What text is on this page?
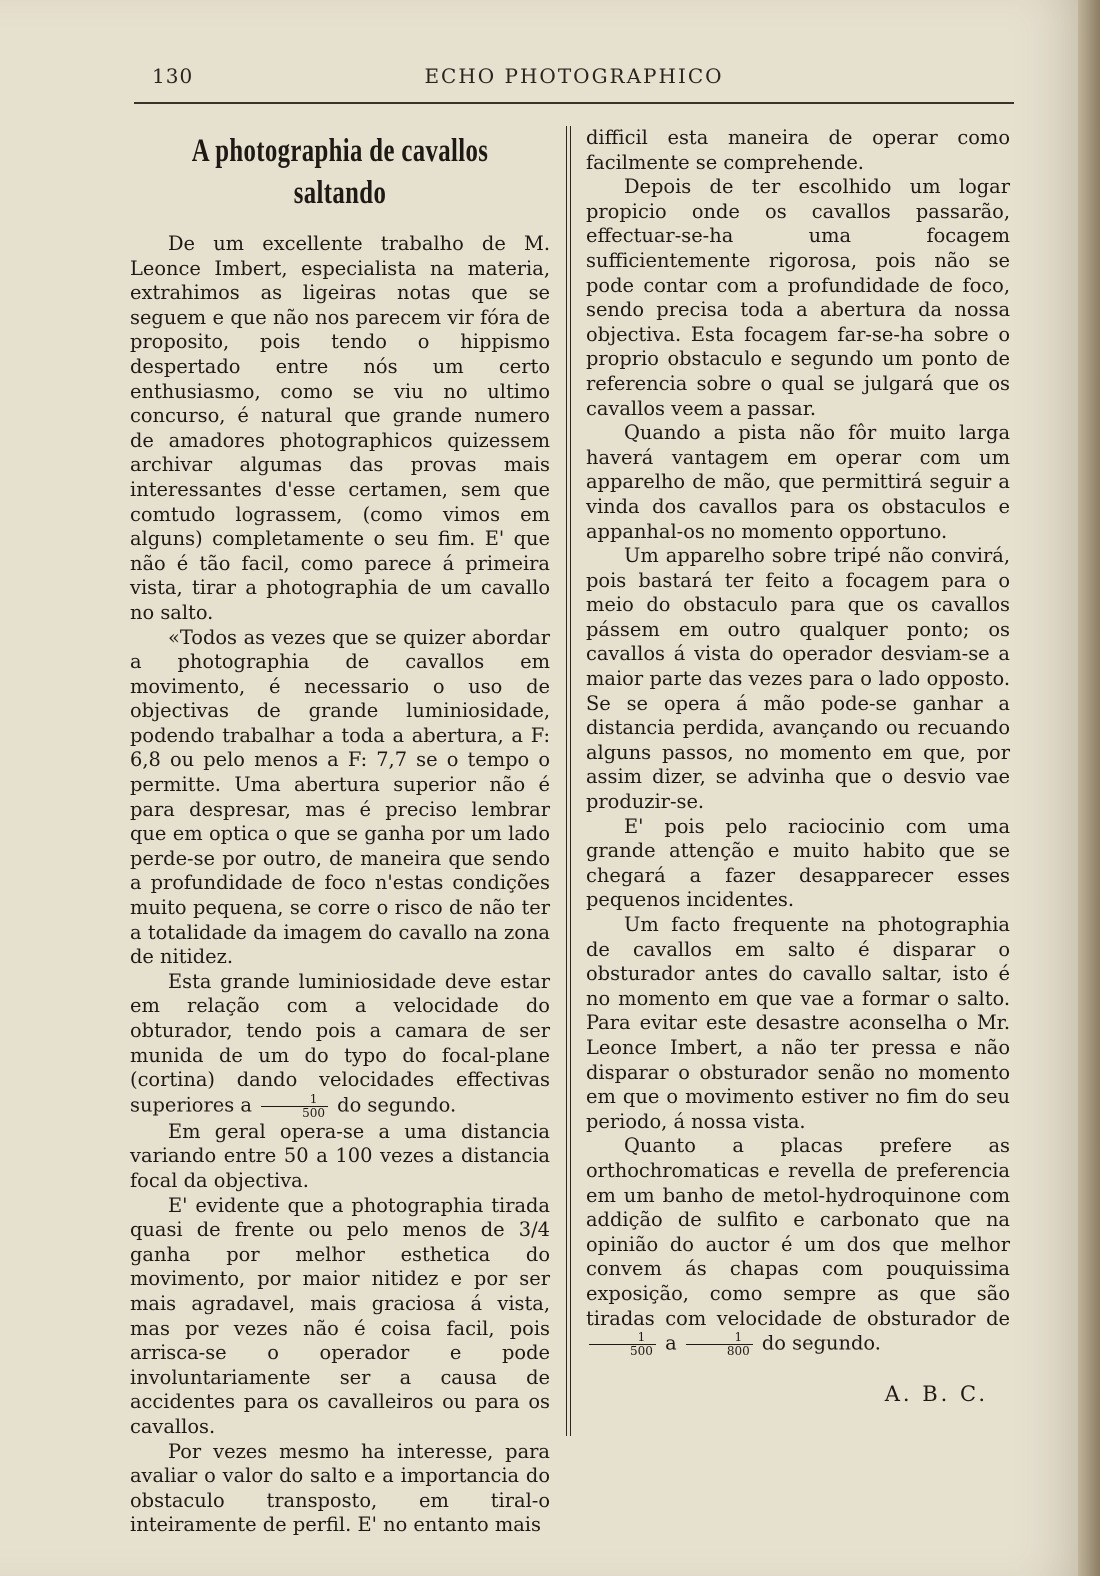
130	ECHO PHOTOGRAPHICO
A photographia de cavallos saltando

De um excellente trabalho de M. Leonce Imbert, especialista na materia, extrahimos as ligeiras notas que se seguem e que não nos parecem vir fóra de proposito, pois tendo o hippismo despertado entre nós um certo enthusiasmo, como se viu no ultimo concurso, é natural que grande numero de amadores photographicos quizessem archivar algumas das provas mais interessantes d'esse certamen, sem que comtudo lograssem, (como vimos em alguns) completamente o seu fim. E' que não é tão facil, como parece á primeira vista, tirar a photographia de um cavallo no salto.

«Todos as vezes que se quizer abordar a photographia de cavallos em movimento, é necessario o uso de objectivas de grande luminiosidade, podendo trabalhar a toda a abertura, a F: 6,8 ou pelo menos a F: 7,7 se o tempo o permitte. Uma abertura superior não é para despresar, mas é preciso lembrar que em optica o que se ganha por um lado perde-se por outro, de maneira que sendo a profundidade de foco n'estas condições muito pequena, se corre o risco de não ter a totalidade da imagem do cavallo na zona de nitidez.

Esta grande luminiosidade deve estar em relação com a velocidade do obturador, tendo pois a camara de ser munida de um do typo do focal-plane (cortina) dando velocidades effectivas superiores a $\frac{1}{500}$ do segundo.

Em geral opera-se a uma distancia variando entre 50 a 100 vezes a distancia focal da objectiva.

E' evidente que a photographia tirada quasi de frente ou pelo menos de 3/4 ganha por melhor esthetica do movimento, por maior nitidez e por ser mais agradavel, mais graciosa á vista, mas por vezes não é coisa facil, pois arrisca-se o operador e pode involuntariamente ser a causa de accidentes para os cavalleiros ou para os cavallos.

Por vezes mesmo ha interesse, para avaliar o valor do salto e a importancia do obstaculo transposto, em tiral-o inteiramente de perfil. E' no entanto mais

difficil esta maneira de operar como facilmente se comprehende.

Depois de ter escolhido um logar propicio onde os cavallos passarão, effectuar-se-ha uma focagem sufficientemente rigorosa, pois não se pode contar com a profundidade de foco, sendo precisa toda a abertura da nossa objectiva. Esta focagem far-se-ha sobre o proprio obstaculo e segundo um ponto de referencia sobre o qual se julgará que os cavallos veem a passar.

Quando a pista não fôr muito larga haverá vantagem em operar com um apparelho de mão, que permittirá seguir a vinda dos cavallos para os obstaculos e appanhal-os no momento opportuno.

Um apparelho sobre tripé não convirá, pois bastará ter feito a focagem para o meio do obstaculo para que os cavallos pássem em outro qualquer ponto; os cavallos á vista do operador desviam-se a maior parte das vezes para o lado opposto. Se se opera á mão pode-se ganhar a distancia perdida, avançando ou recuando alguns passos, no momento em que, por assim dizer, se advinha que o desvio vae produzir-se.

E' pois pelo raciocinio com uma grande attenção e muito habito que se chegará a fazer desapparecer esses pequenos incidentes.

Um facto frequente na photographia de cavallos em salto é disparar o obsturador antes do cavallo saltar, isto é no momento em que vae a formar o salto. Para evitar este desastre aconselha o Mr. Leonce Imbert, a não ter pressa e não disparar o obsturador senão no momento em que o movimento estiver no fim do seu periodo, á nossa vista.

Quanto a placas prefere as orthochromaticas e revella de preferencia em um banho de metol-hydroquinone com addição de sulfito e carbonato que na opinião do auctor é um dos que melhor convem ás chapas com pouquissima exposição, como sempre as que são tiradas com velocidade de obsturador de
$\frac{1}{500}$ a $\frac{1}{800}$ do segundo.

A. B. C.
